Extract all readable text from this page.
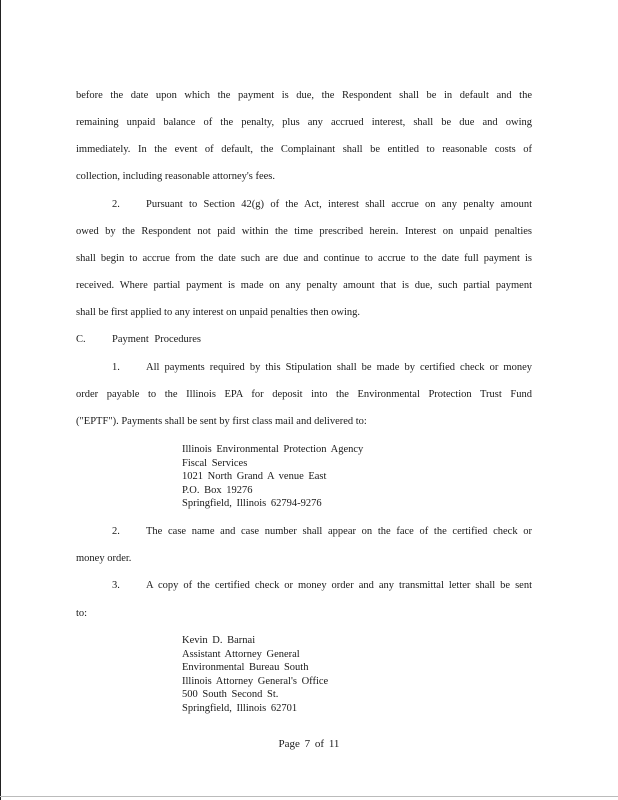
before the date upon which the payment is due, the Respondent shall be in default and the
remaining unpaid balance of the penalty, plus any accrued interest, shall be due and owing
immediately. In the event of default, the Complainant shall be entitled to reasonable costs of
collection, including reasonable attorney's fees.
2. Pursuant to Section 42(g) of the Act, interest shall accrue on any penalty amount
owed by the Respondent not paid within the time prescribed herein. Interest on unpaid penalties
shall begin to accrue from the date such are due and continue to accrue to the date full payment is
received. Where partial payment is made on any penalty amount that is due, such partial payment
shall be first applied to any interest on unpaid penalties then owing.
C.	Payment Procedures
1. All payments required by this Stipulation shall be made by certified check or money
order payable to the Illinois EPA for deposit into the Environmental Protection Trust Fund
("EPTF"). Payments shall be sent by first class mail and delivered to:
Illinois Environmental Protection Agency
Fiscal Services
1021 North Grand A venue East
P.O. Box 19276
Springfield, Illinois 62794-9276
2. The case name and case number shall appear on the face of the certified check or
money order.
3. A copy of the certified check or money order and any transmittal letter shall be sent
to:
Kevin D. Barnai
Assistant Attorney General
Environmental Bureau South
Illinois Attorney General's Office
500 South Second St.
Springfield, Illinois 62701
Page 7 of 11
